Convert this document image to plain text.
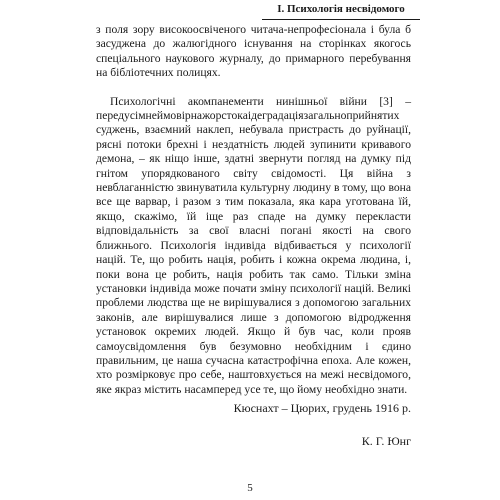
I. Психологія несвідомого

з поля зору високоосвіченого читача-непрофесіонала і була б засуджена до жалюгідного існування на сторінках якогось спеціального наукового журналу, до примарного перебування на бібліотечних полицях.

Психологічні акомпанементи нинішньої війни [3] – передусімнеймовірнажорстокаідеградаціязагальноприйнятих суджень, взаємний наклеп, небувала пристрасть до руйнації, рясні потоки брехні і нездатність людей зупинити кривавого демона, – як ніщо інше, здатні звернути погляд на думку під гнітом упорядкованого світу свідомості. Ця війна з невблаганністю звинуватила культурну людину в тому, що вона все ще варвар, і разом з тим показала, яка кара уготована їй, якщо, скажімо, їй іще раз спаде на думку перекласти відповідальність за свої власні погані якості на свого ближнього. Психологія індивіда відбивається у психології націй. Те, що робить нація, робить і кожна окрема людина, і, поки вона це робить, нація робить так само. Тільки зміна установки індивіда може почати зміну психології націй. Великі проблеми людства ще не вирішувалися з допомогою загальних законів, але вирішувалися лише з допомогою відродження установок окремих людей. Якщо й був час, коли прояв самоусвідомлення був безумовно необхідним і єдино правильним, це наша сучасна катастрофічна епоха. Але кожен, хто розмірковує про себе, наштовхується на межі несвідомого, яке якраз містить насамперед усе те, що йому необхідно знати.

Кюснахт – Цюрих, грудень 1916 р.
К. Г. Юнг
5
